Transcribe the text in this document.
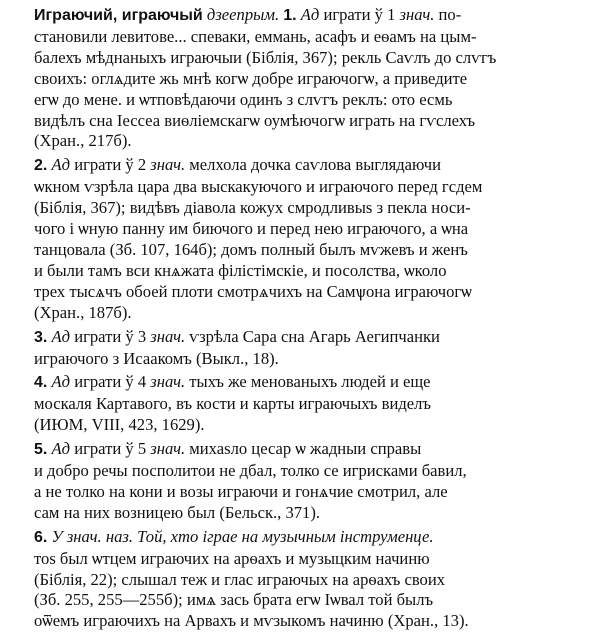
Играючий, играючый дзеепрым. 1. Ад играти ў 1 знач. по-
становили левитове... спеваки, еммань, асафъ и еѳамъ на цым-
балехъ мѣднаныхъ играючыи (Біблія, 367); рекль Саѵлъ до слѵгъ
своихъ: оглѧдите жь мнѣ когѡ добре играючогѡ, а приведите
егѡ до мене. и ѡтповѣдаючи одинъ з слѵгъ реклъ: ото есмь
видѣлъ сна Іессеа виѳліемскагѡ оумѣючогѡ играть на гѵслехъ
(Хран., 217б).

2. Ад играти ў 2 знач. мелхола дочка саѵлова выглядаючи
ѡкном ѵзрѣла цара два выскакуючого и играючого перед гсдем
(Біблія, 367); видѣвъ діавола кожух смродливыѕ з пекла носи-
чого і ѡную панну им биючого и перед нею играючого, а ѡна
танцовала (Зб. 107, 164б); домъ полный былъ мѵжевъ и женъ
и были тамъ вси кнѧжата філістімскіе, и посолства, ѡколо
трех тысѧчъ обоей плоти смотрѧчихъ на Самѱона играючогѡ
(Хран., 187б).

3. Ад играти ў 3 знач. ѵзрѣла Сара сна Агарь Аегипчанки
играючого з Исаакомъ (Выкл., 18).

4. Ад играти ў 4 знач. тыхъ же менованыхъ людей и еще
москаля Картавого, въ кости и карты играючыхъ виделъ
(ИЮМ, VIII, 423, 1629).

5. Ад играти ў 5 знач. михаѕло цесар ѡ жадныи справы
и добро речы посполитои не дбал, толко се игрисками бавил,
а не толко на кони и возы играючи и гонѧчие смотрил, але
сам на них возницею был (Бельск., 371).

6. У знач. наз. Той, хто іграе на музычным інструменце.
тоѕ был ѡтцем играючих на арѳахъ и музыцким начиню
(Біблія, 22); слышал теж и глас играючых на арѳахъ своих
(Зб. 255, 255—255б); имѧ зась брата егѡ Іѡвал той былъ
оѿемъ играючихъ на Арвахъ и мѵзыкомъ начиню (Хран., 13).
